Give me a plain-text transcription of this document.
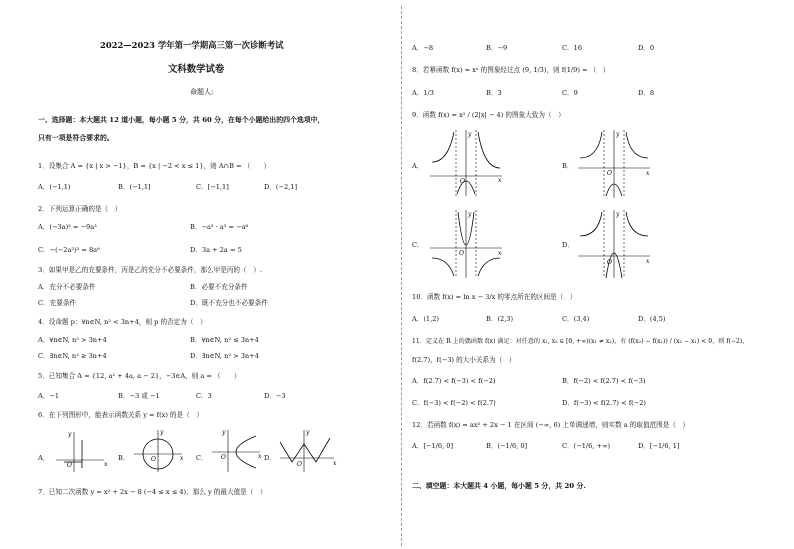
2022—2023 学年第一学期高三第一次诊断考试
文科数学试卷
命题人:
一、选择题：本大题共 12 道小题，每小题 5 分，共 60 分，在每个小题给出的四个选项中，
只有一项是符合要求的。
1．设集合 A = {x | x > −1}，B = {x | −2 < x ≤ 1}，则 A∩B = （　　）
A．(−1,1)	B．(−1,1]	C．[−1,1]	D．(−2,1]
2．下列运算正确的是（　）
A．(−3a)³ = −9a³	B．−a³ · a³ = −a⁶
C．−(−2a²)³ = 8a⁶	D．3a + 2a = 5
3．如果甲是乙的充要条件，丙是乙的充分不必要条件，那么甲是丙的（　）.
A．充分不必要条件	B．必要不充分条件
C．充要条件	D．既不充分也不必要条件
4．设命题 p：∀n∈N, n² < 3n+4，则 p 的否定为（　）
A．∀n∈N, n² > 3n+4	B．∀n∈N, n² ≤ 3n+4
C．∃n∈N, n² ≥ 3n+4	D．∃n∈N, n² > 3n+4
5．已知集合 A = {12, a² + 4a, a − 2}，−3∈A，则 a = （　　）
A．−1	B．−3 或 −1	C．3	D．−3
6．在下列图形中，能表示函数关系 y = f(x) 的是（　）
A．	B．	C．	D．
y
x
O
y
x
O
y
x
O
y
x
O
7．已知二次函数 y = x² + 2x − 8 (−4 ≤ x ≤ 4)，那么 y 的最大值是（　）
A．−8	B．−9	C．16	D．0
8．若幂函数 f(x) = xᵃ 的图象经过点 (9, 1/3)，则 f(1/9) = （　）
A．1/3	B．3	C．9	D．8
9．函数 f(x) = x² / (2|x| − 4) 的图象大致为（　）
A．	B．
C．	D．
y
x
O
y
x
O
y
x
O
y
x
O
10．函数 f(x) = ln x − 3/x 的零点所在的区间是（　）
A．(1,2)	B．(2,3)	C．(3,4)	D．(4,5)
11．定义在 R 上的偶函数 f(x) 满足：对任意的 x₁, x₂ ∈ [0, +∞)(x₁ ≠ x₂)，有 (f(x₂) − f(x₁)) / (x₂ − x₁) < 0，则 f(−2)、
f(2.7)、f(−3) 的大小关系为（　）
A．f(2.7) < f(−3) < f(−2)	B．f(−2) < f(2.7) < f(−3)
C．f(−3) < f(−2) < f(2.7)	D．f(−3) < f(2.7) < f(−2)
12．若函数 f(x) = ax² + 2x − 1 在区间 (−∞, 6) 上单调递增，则实数 a 的取值范围是（　）
A．[−1/6, 0]	B．(−1/6, 0]	C．(−1/6, +∞)	D．[−1/6, 1]
二、填空题：本大题共 4 小题，每小题 5 分，共 20 分.
